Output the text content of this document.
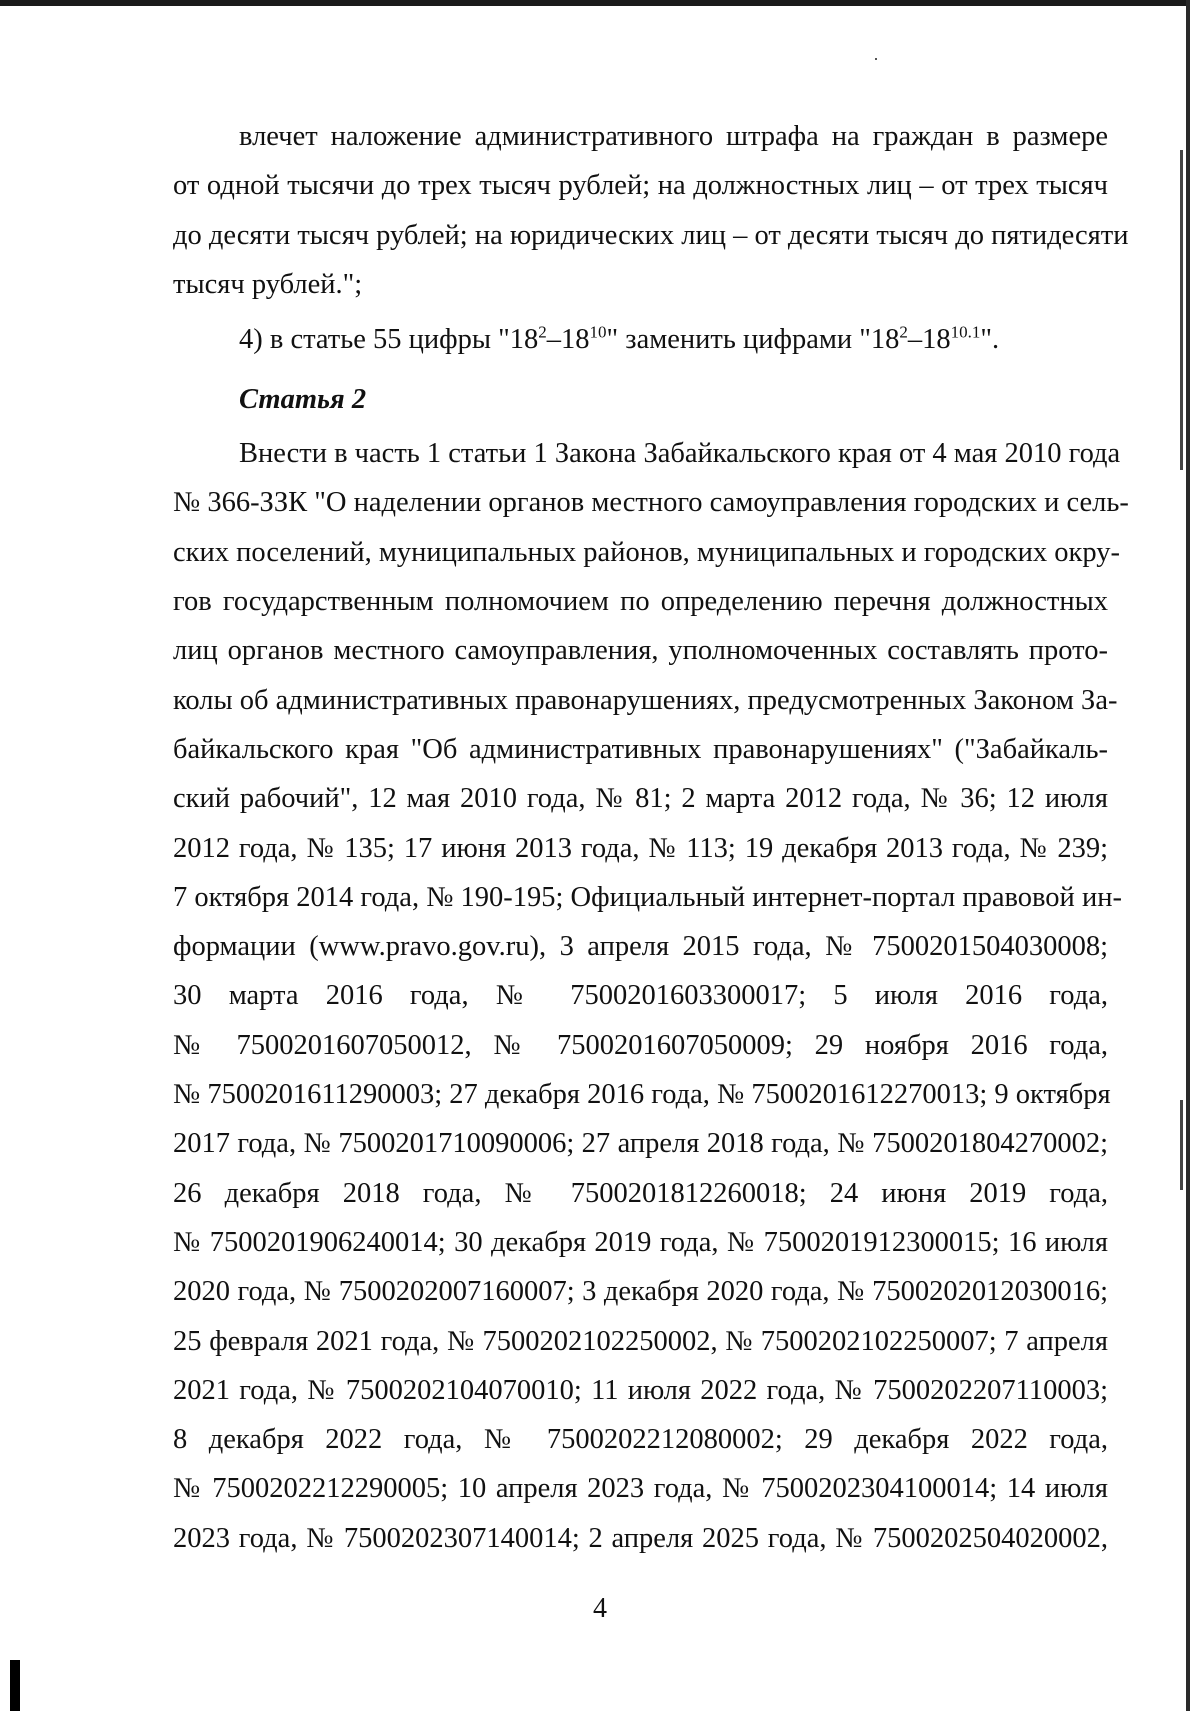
влечет наложение административного штрафа на граждан в размере
от одной тысячи до трех тысяч рублей; на должностных лиц – от трех тысяч
до десяти тысяч рублей; на юридических лиц – от десяти тысяч до пятидесяти
тысяч рублей.";
4) в статье 55 цифры "$18^2-18^{10}$" заменить цифрами "$18^2-18^{10.1}$".
Статья 2
Внести в часть 1 статьи 1 Закона Забайкальского края от 4 мая 2010 года
№ 366-ЗЗК "О наделении органов местного самоуправления городских и сель-
ских поселений, муниципальных районов, муниципальных и городских окру-
гов государственным полномочием по определению перечня должностных
лиц органов местного самоуправления, уполномоченных составлять прото-
колы об административных правонарушениях, предусмотренных Законом За-
байкальского края "Об административных правонарушениях" ("Забайкаль-
ский рабочий", 12 мая 2010 года, № 81; 2 марта 2012 года, № 36; 12 июля
2012 года, № 135; 17 июня 2013 года, № 113; 19 декабря 2013 года, № 239;
7 октября 2014 года, № 190-195; Официальный интернет-портал правовой ин-
формации (www.pravo.gov.ru), 3 апреля 2015 года, № 7500201504030008;
30 марта 2016 года, № 7500201603300017; 5 июля 2016 года,
№ 7500201607050012, № 7500201607050009; 29 ноября 2016 года,
№ 7500201611290003; 27 декабря 2016 года, № 7500201612270013; 9 октября
2017 года, № 7500201710090006; 27 апреля 2018 года, № 7500201804270002;
26 декабря 2018 года, № 7500201812260018; 24 июня 2019 года,
№ 7500201906240014; 30 декабря 2019 года, № 7500201912300015; 16 июля
2020 года, № 7500202007160007; 3 декабря 2020 года, № 7500202012030016;
25 февраля 2021 года, № 7500202102250002, № 7500202102250007; 7 апреля
2021 года, № 7500202104070010; 11 июля 2022 года, № 7500202207110003;
8 декабря 2022 года, № 7500202212080002; 29 декабря 2022 года,
№ 7500202212290005; 10 апреля 2023 года, № 7500202304100014; 14 июля
2023 года, № 7500202307140014; 2 апреля 2025 года, № 7500202504020002,
4
